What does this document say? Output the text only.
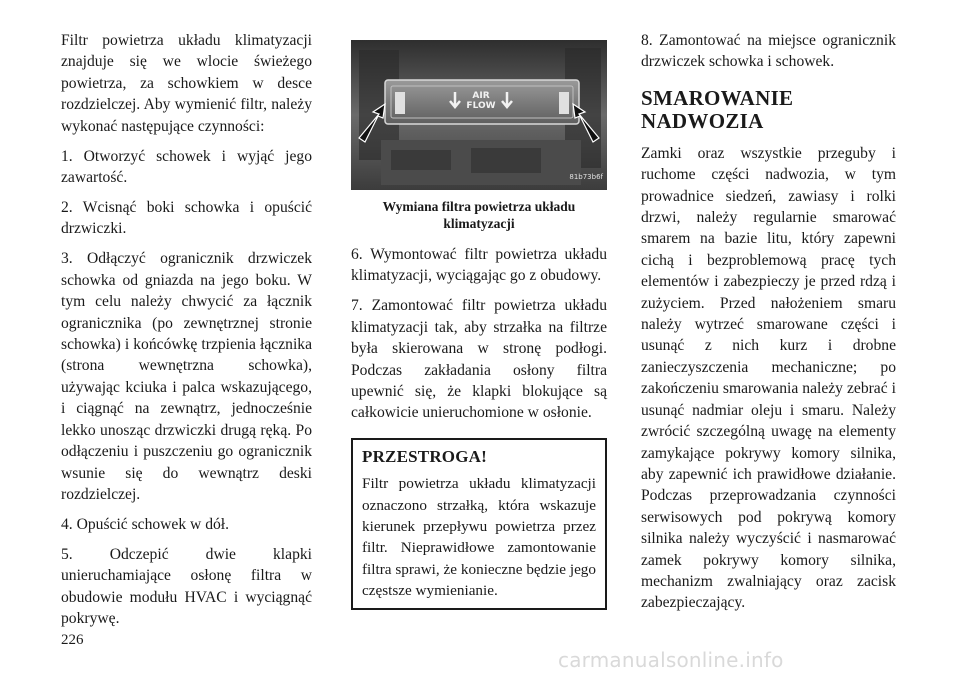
Filtr powietrza układu klimatyzacji znajduje się we wlocie świeżego powietrza, za schowkiem w desce rozdzielczej. Aby wymienić filtr, należy wykonać następujące czynności:

1. Otworzyć schowek i wyjąć jego zawartość.

2. Wcisnąć boki schowka i opuścić drzwiczki.

3. Odłączyć ogranicznik drzwiczek schowka od gniazda na jego boku. W tym celu należy chwycić za łącznik ogranicznika (po zewnętrznej stronie schowka) i końcówkę trzpienia łącznika (strona wewnętrzna schowka), używając kciuka i palca wskazującego, i ciągnąć na zewnątrz, jednocześnie lekko unosząc drzwiczki drugą ręką. Po odłączeniu i puszczeniu go ogranicznik wsunie się do wewnątrz deski rozdzielczej.

4. Opuścić schowek w dół.

5. Odczepić dwie klapki unieruchamiające osłonę filtra w obudowie modułu HVAC i wyciągnąć pokrywę.

AIR
FLOW
81b73b6f
Wymiana filtra powietrza układu klimatyzacji

6. Wymontować filtr powietrza układu klimatyzacji, wyciągając go z obudowy.

7. Zamontować filtr powietrza układu klimatyzacji tak, aby strzałka na filtrze była skierowana w stronę podłogi. Podczas zakładania osłony filtra upewnić się, że klapki blokujące są całkowicie unieruchomione w osłonie.

PRZESTROGA!

Filtr powietrza układu klimatyzacji oznaczono strzałką, która wskazuje kierunek przepływu powietrza przez filtr. Nieprawidłowe zamontowanie filtra sprawi, że konieczne będzie jego częstsze wymienianie.

8. Zamontować na miejsce ogranicznik drzwiczek schowka i schowek.

SMAROWANIE
NADWOZIA

Zamki oraz wszystkie przeguby i ruchome części nadwozia, w tym prowadnice siedzeń, zawiasy i rolki drzwi, należy regularnie smarować smarem na bazie litu, który zapewni cichą i bezproblemową pracę tych elementów i zabezpieczy je przed rdzą i zużyciem. Przed nałożeniem smaru należy wytrzeć smarowane części i usunąć z nich kurz i drobne zanieczyszczenia mechaniczne; po zakończeniu smarowania należy zebrać i usunąć nadmiar oleju i smaru. Należy zwrócić szczególną uwagę na elementy zamykające pokrywy komory silnika, aby zapewnić ich prawidłowe działanie. Podczas przeprowadzania czynności serwisowych pod pokrywą komory silnika należy wyczyścić i nasmarować zamek pokrywy komory silnika, mechanizm zwalniający oraz zacisk zabezpieczający.

226
carmanualsonline.info
